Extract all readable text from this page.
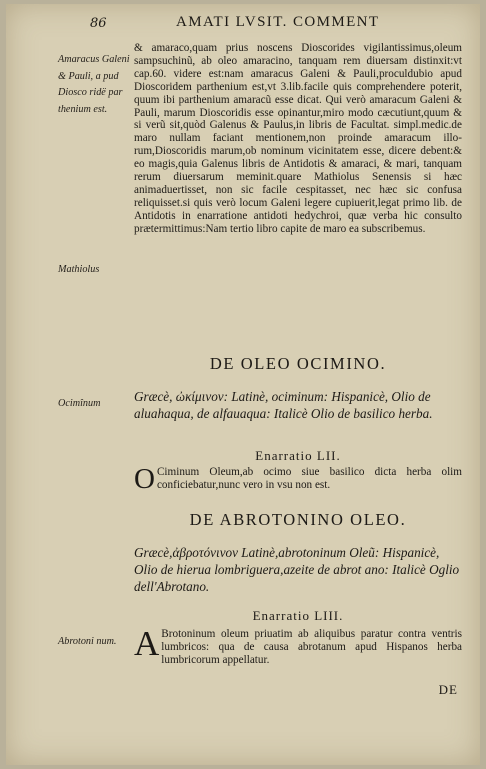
86	AMATI LVSIT. COMMENT
Amaracus Galeni & Pauli, a pud Diosco ridë par thenium est.
Mathiolus
Ocimînum
Abrotoni num.
& amaraco,quam prius noscens Dioscorides vigilantissimus,oleum sampsuchinũ, ab oleo amaracino, tanquam rem diuersam distinxit:vt cap.60. videre est:nam amaracus Galeni & Pauli,proculdubio apud Dioscoridem parthenium est,vt 3.lib.facile quis comprehendere poterit, quum ibi parthenium amaracũ esse dicat. Qui verò amaracum Galeni & Pauli, marum Dioscoridis esse opinantur,miro modo cæcutiunt,quum & si verũ sit,quòd Galenus & Paulus,in libris de Facultat. simpl.medic.de maro nullam faciant mentionem,non proinde amaracum illorum,Dioscoridis marum,ob nominum vicinitatem esse, dicere debent:& eo magis,quia Galenus libris de Antidotis & amaraci, & mari, tanquam rerum diuersarum meminit.quare Mathiolus Senensis si hæc animaduertisset, non sic facile cespitasset, nec hæc sic confusa reliquisset.si quis verò locum Galeni legere cupiuerit,legat primo lib. de Antidotis in enarratione antidoti hedychroi, quæ verba hic consulto prætermittimus:Nam tertio libro capite de maro ea subscribemus.
DE OLEO OCIMINO.
Græcè, ὠκίμινον: Latinè, ociminum: Hispanicè, Olio de aluahaqua, de alfauaqua: Italicè Olio de basilico herba.
Enarratio LII.
O Ciminum Oleum,ab ocimo siue basilico dicta herba olim conficiebatur,nunc vero in vsu non est.
DE ABROTONINO OLEO.
Græcè,ἀβροτόνινον Latinè,abrotoninum Oleũ: Hispanicè, Olio de hierua lombriguera,azeite de abrot ano: Italicè Oglio dell'Abrotano.
Enarratio LIII.
A Brotoninum oleum priuatim ab aliquibus paratur contra ventris lumbricos: qua de causa abrotanum apud Hispanos herba lumbricorum appellatur.
DE
